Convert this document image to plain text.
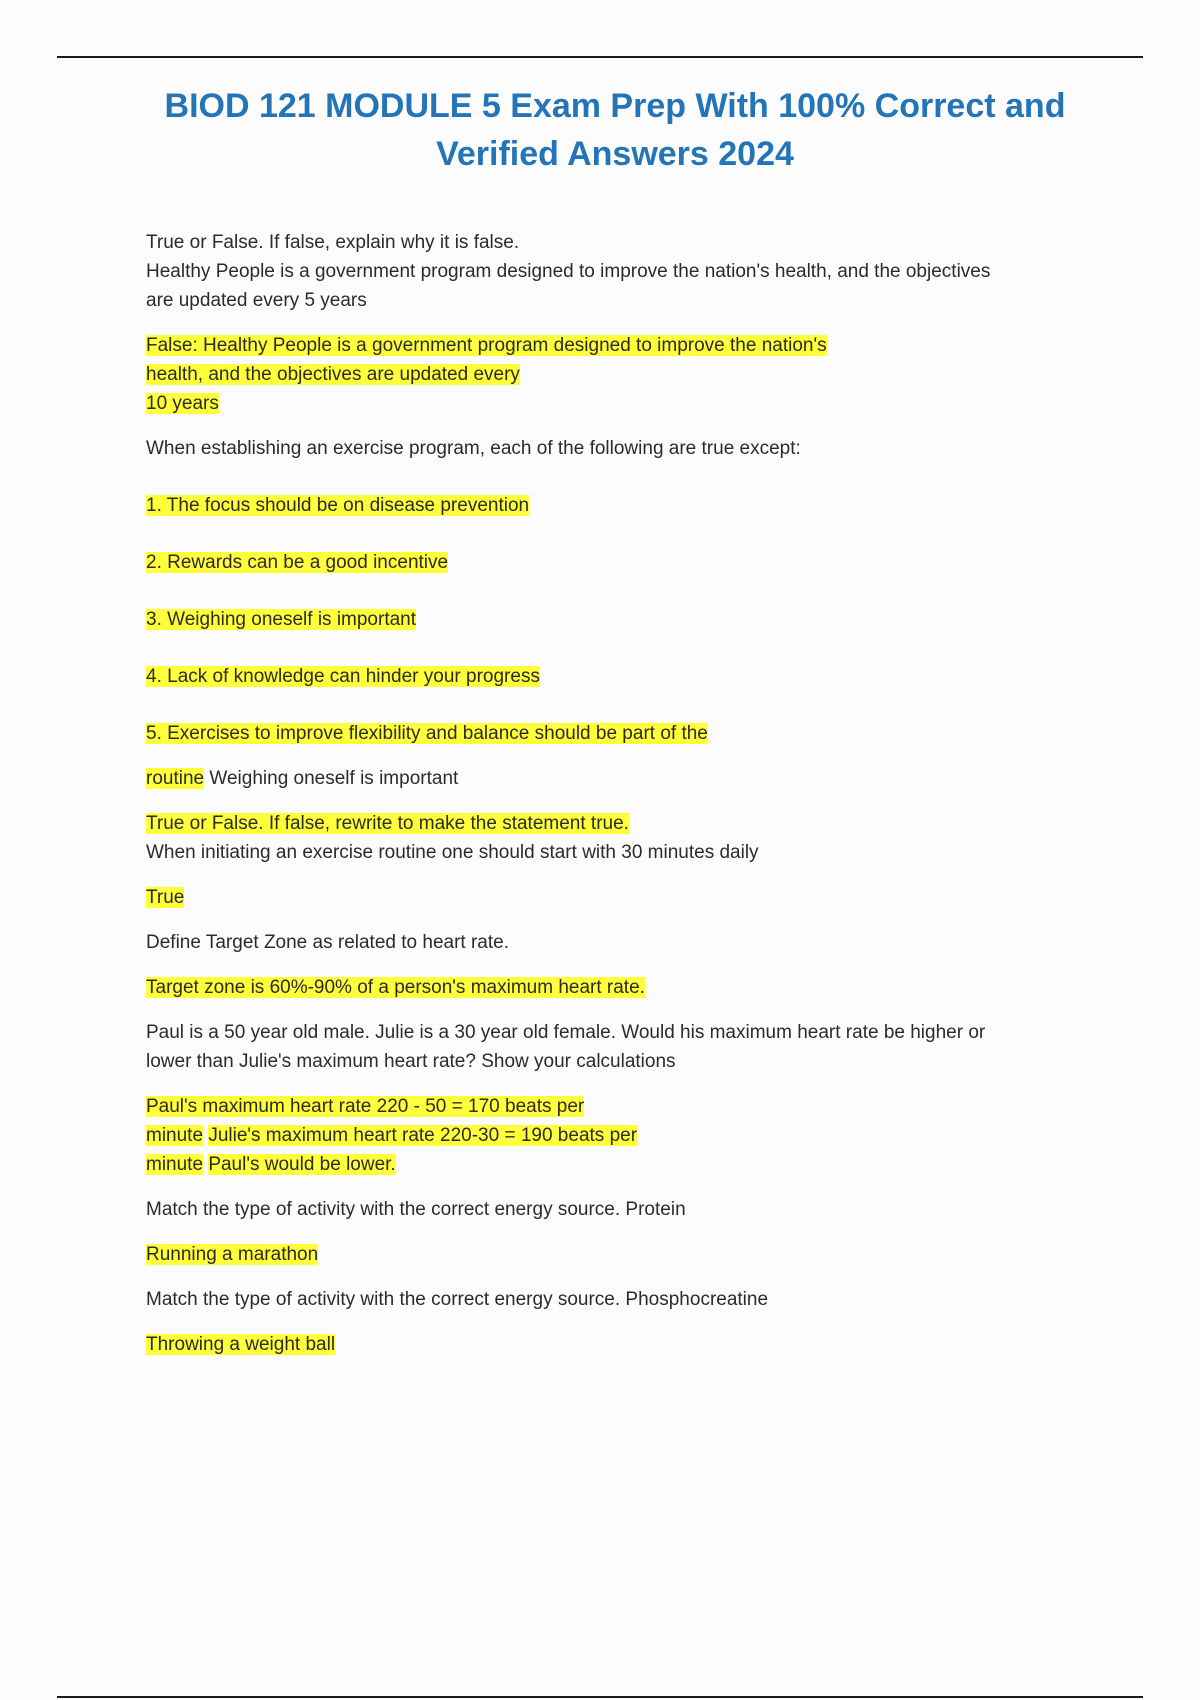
BIOD 121 MODULE 5 Exam Prep With 100% Correct and
Verified Answers 2024

True or False. If false, explain why it is false.

Healthy People is a government program designed to improve the nation's health, and the objectives

are updated every 5 years

False: Healthy People is a government program designed to improve the nation's

health, and the objectives are updated every

10 years

When establishing an exercise program, each of the following are true except:

1. The focus should be on disease prevention

2. Rewards can be a good incentive

3. Weighing oneself is important

4. Lack of knowledge can hinder your progress

5. Exercises to improve flexibility and balance should be part of the

routine Weighing oneself is important

True or False. If false, rewrite to make the statement true.

When initiating an exercise routine one should start with 30 minutes daily

True

Define Target Zone as related to heart rate.

Target zone is 60%-90% of a person's maximum heart rate.

Paul is a 50 year old male. Julie is a 30 year old female. Would his maximum heart rate be higher or

lower than Julie's maximum heart rate? Show your calculations

Paul's maximum heart rate 220 - 50 = 170 beats per

minute Julie's maximum heart rate 220-30 = 190 beats per

minute Paul's would be lower.

Match the type of activity with the correct energy source. Protein

Running a marathon

Match the type of activity with the correct energy source. Phosphocreatine

Throwing a weight ball
